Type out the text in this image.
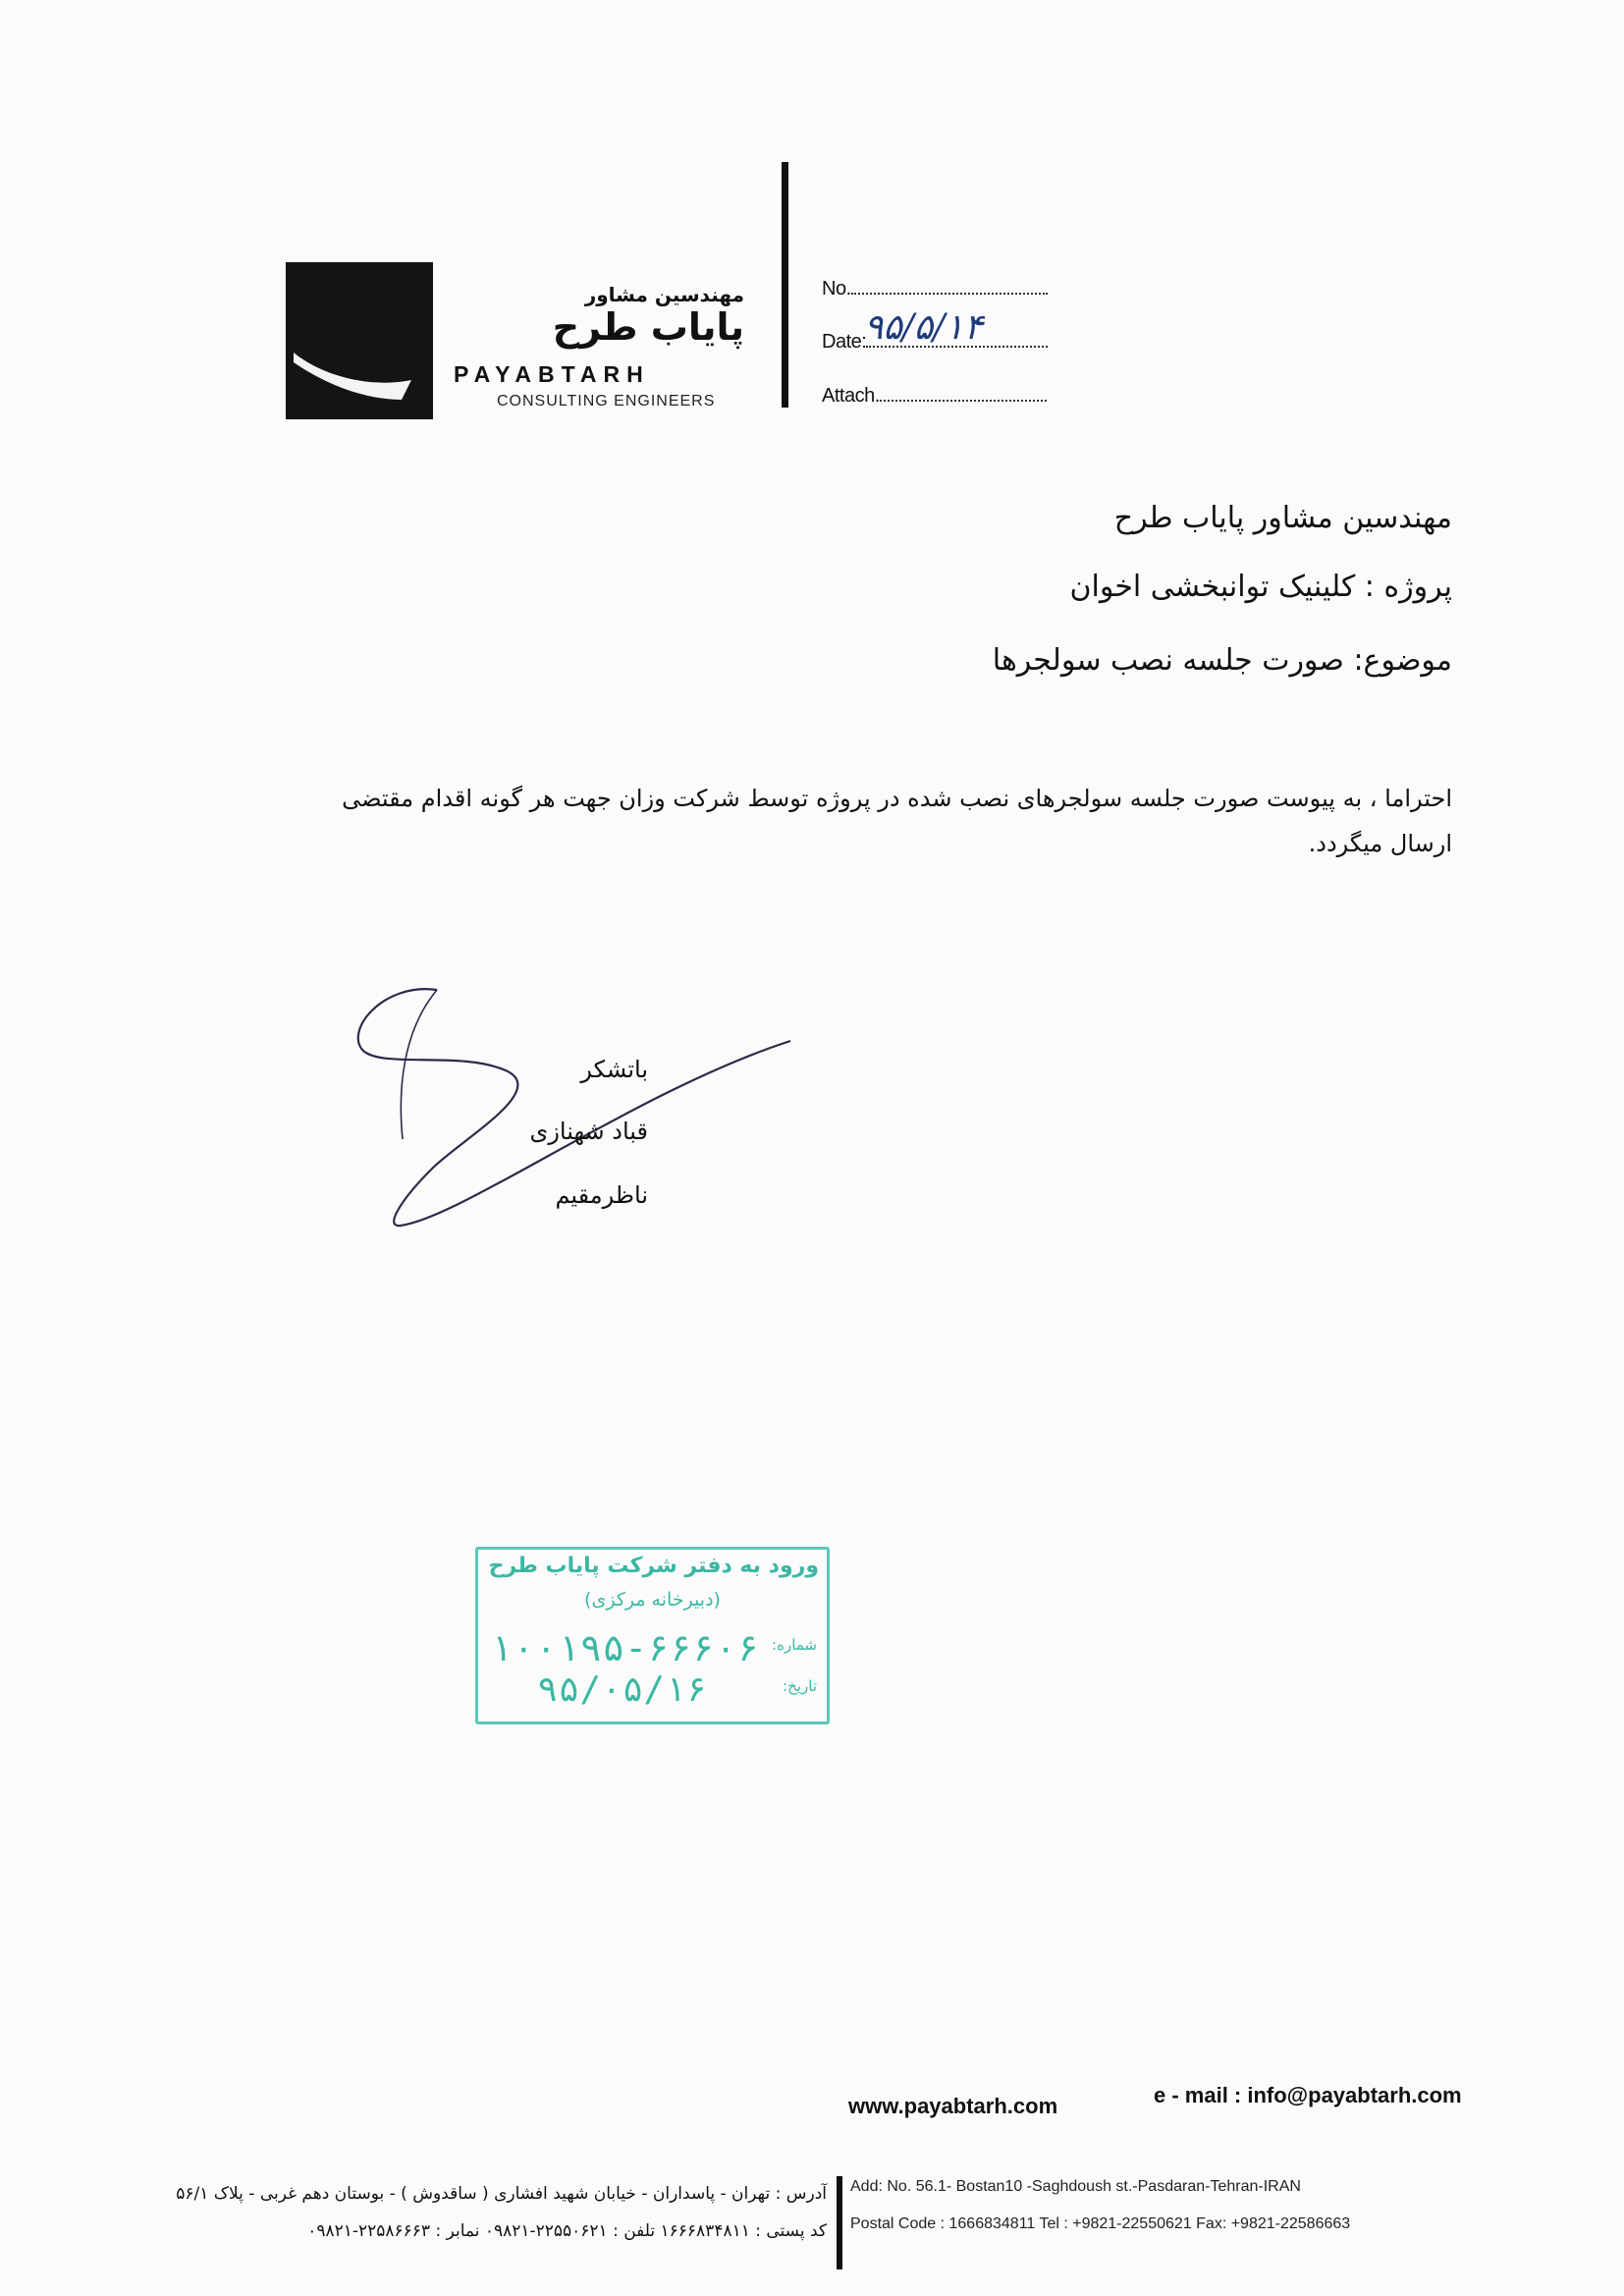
مهندسین مشاور
پایاب طرح
PAYABTARH
CONSULTING ENGINEERS
No.
Date:
۹۵/۵/۱۴
Attach.
مهندسین مشاور پایاب طرح
پروژه : کلینیک توانبخشی اخوان
موضوع: صورت جلسه نصب سولجرها
احتراما ، به پیوست صورت جلسه سولجرهای نصب شده در پروژه توسط شرکت وزان جهت هر گونه اقدام مقتضی ارسال میگردد.
باتشکر
قباد شهنازی
ناظرمقیم
ورود به دفتر شرکت پایاب طرح
(دبیرخانه مرکزی)
شماره:
۱۰۰۱۹۵-۶۶۶۰۶
تاریخ:
۹۵/۰۵/۱۶
www.payabtarh.com	e - mail : info@payabtarh.com
Add: No. 56.1- Bostan10 -Saghdoush st.-Pasdaran-Tehran-IRAN
Postal Code : 1666834811 Tel : +9821-22550621 Fax: +9821-22586663
آدرس : تهران - پاسداران - خیابان شهید افشاری ( ساقدوش ) - بوستان دهم غربی - پلاک ۵۶/۱
کد پستی : ۱۶۶۶۸۳۴۸۱۱ تلفن : ۲۲۵۵۰۶۲۱-۰۹۸۲۱ نمابر : ۲۲۵۸۶۶۶۳-۰۹۸۲۱
